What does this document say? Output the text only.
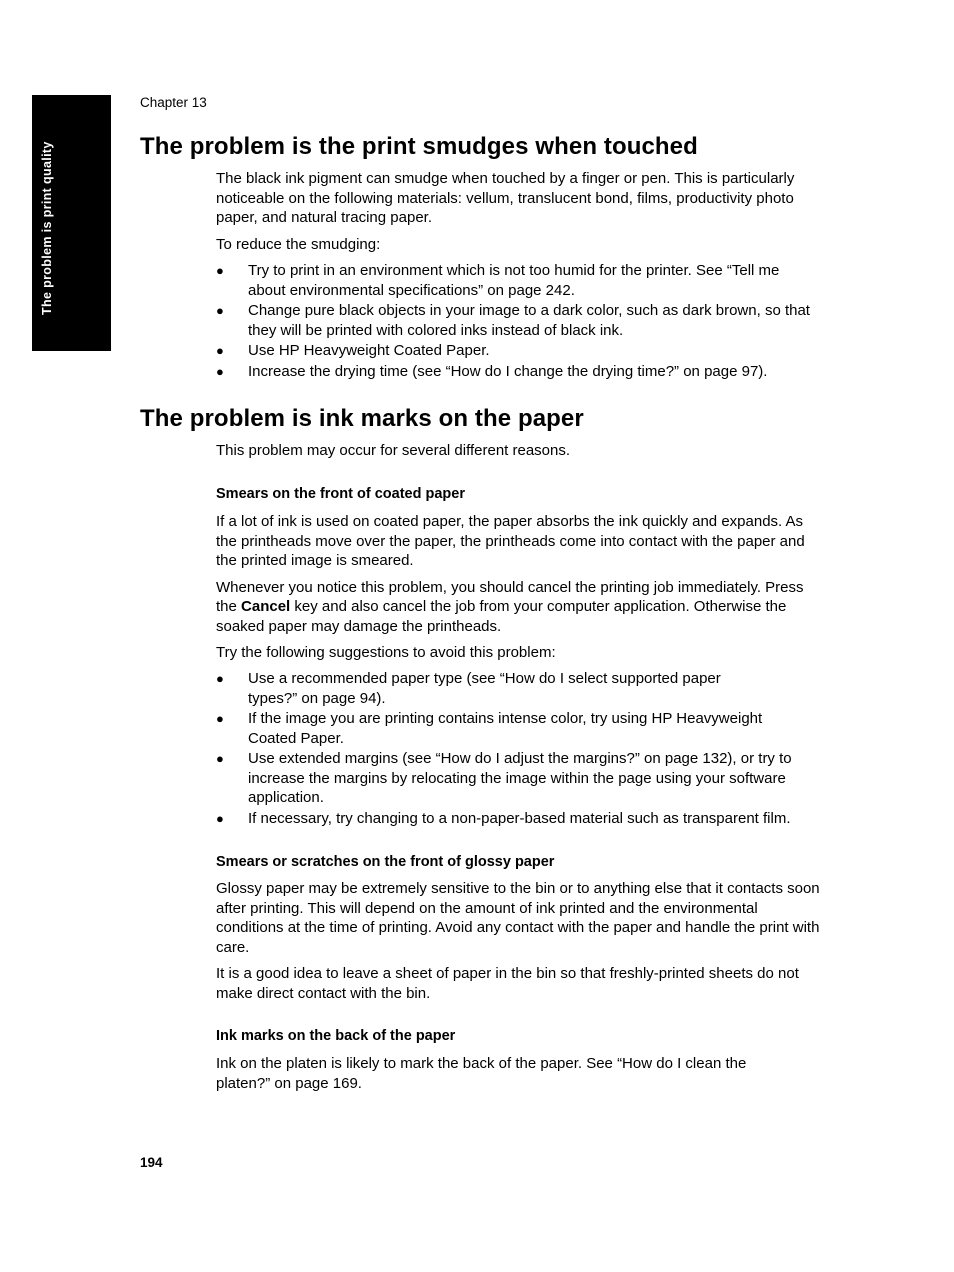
The problem is print quality
Chapter 13
The problem is the print smudges when touched

The black ink pigment can smudge when touched by a finger or pen. This is particularly noticeable on the following materials: vellum, translucent bond, films, productivity photo paper, and natural tracing paper.

To reduce the smudging:

● Try to print in an environment which is not too humid for the printer. See “Tell me about environmental specifications” on page 242.
● Change pure black objects in your image to a dark color, such as dark brown, so that they will be printed with colored inks instead of black ink.
● Use HP Heavyweight Coated Paper.
● Increase the drying time (see “How do I change the drying time?” on page 97).
The problem is ink marks on the paper
This problem may occur for several different reasons.
Smears on the front of coated paper

If a lot of ink is used on coated paper, the paper absorbs the ink quickly and expands. As the printheads move over the paper, the printheads come into contact with the paper and the printed image is smeared.

Whenever you notice this problem, you should cancel the printing job immediately. Press the Cancel key and also cancel the job from your computer application. Otherwise the soaked paper may damage the printheads.

Try the following suggestions to avoid this problem:

● Use a recommended paper type (see “How do I select supported paper types?” on page 94).
● If the image you are printing contains intense color, try using HP Heavyweight Coated Paper.
● Use extended margins (see “How do I adjust the margins?” on page 132), or try to increase the margins by relocating the image within the page using your software application.
● If necessary, try changing to a non-paper-based material such as transparent film.
Smears or scratches on the front of glossy paper

Glossy paper may be extremely sensitive to the bin or to anything else that it contacts soon after printing. This will depend on the amount of ink printed and the environmental conditions at the time of printing. Avoid any contact with the paper and handle the print with care.

It is a good idea to leave a sheet of paper in the bin so that freshly-printed sheets do not make direct contact with the bin.

Ink marks on the back of the paper
Ink on the platen is likely to mark the back of the paper. See “How do I clean the platen?” on page 169.
194
